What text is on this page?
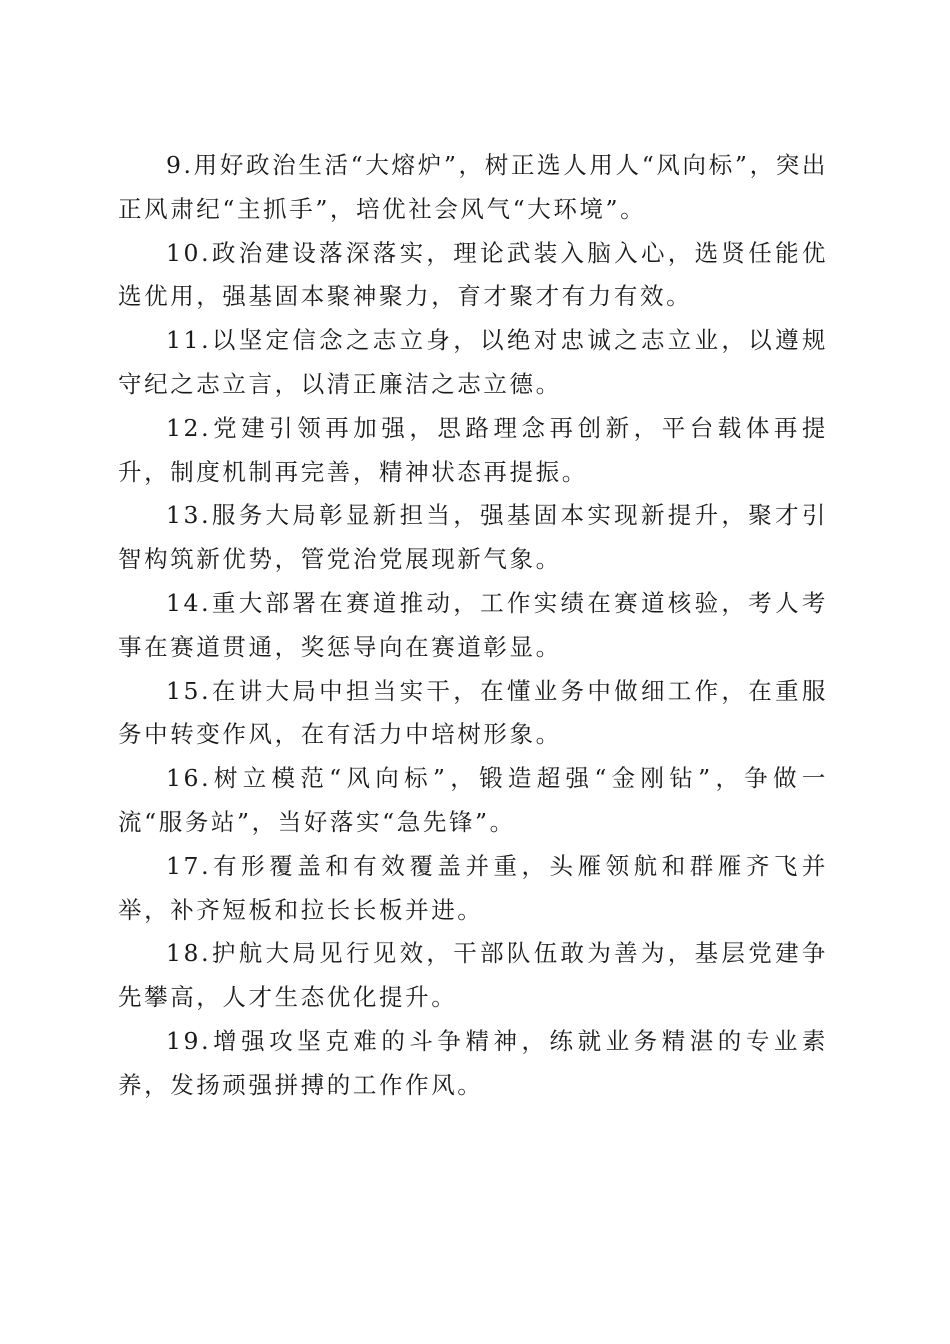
9.用好政治生活“大熔炉”，树正选人用人“风向标”，突出正风肃纪“主抓手”，培优社会风气“大环境”。

10.政治建设落深落实，理论武装入脑入心，选贤任能优选优用，强基固本聚神聚力，育才聚才有力有效。

11.以坚定信念之志立身，以绝对忠诚之志立业，以遵规守纪之志立言，以清正廉洁之志立德。

12.党建引领再加强，思路理念再创新，平台载体再提升，制度机制再完善，精神状态再提振。

13.服务大局彰显新担当，强基固本实现新提升，聚才引智构筑新优势，管党治党展现新气象。

14.重大部署在赛道推动，工作实绩在赛道核验，考人考事在赛道贯通，奖惩导向在赛道彰显。

15.在讲大局中担当实干，在懂业务中做细工作，在重服务中转变作风，在有活力中培树形象。

16.树立模范“风向标”，锻造超强“金刚钻”，争做一流“服务站”，当好落实“急先锋”。

17.有形覆盖和有效覆盖并重，头雁领航和群雁齐飞并举，补齐短板和拉长长板并进。

18.护航大局见行见效，干部队伍敢为善为，基层党建争先攀高，人才生态优化提升。

19.增强攻坚克难的斗争精神，练就业务精湛的专业素养，发扬顽强拼搏的工作作风。
